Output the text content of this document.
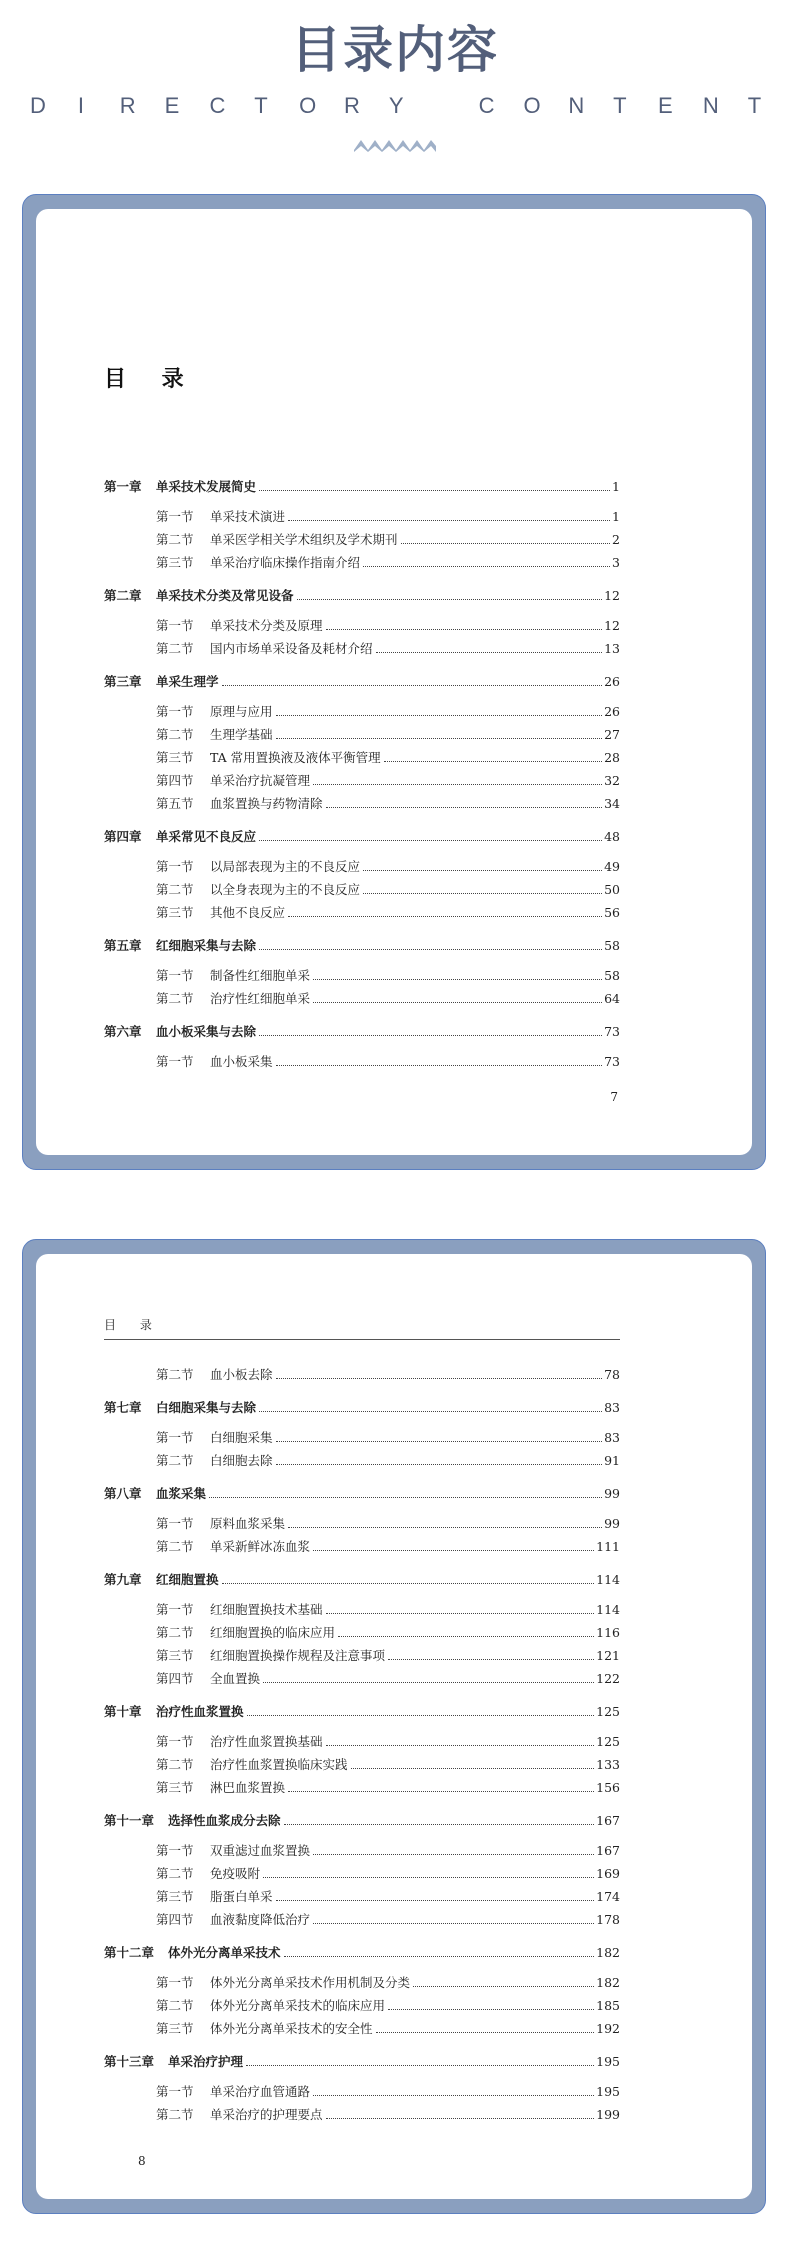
目录内容
D I R E C T O R Y
	C O N T E N T
目 录
第一章	单采技术发展简史	1
第一节	单采技术演进	1
第二节	单采医学相关学术组织及学术期刊	2
第三节	单采治疗临床操作指南介绍	3
第二章	单采技术分类及常见设备	12
第一节	单采技术分类及原理	12
第二节	国内市场单采设备及耗材介绍	13
第三章	单采生理学	26
第一节	原理与应用	26
第二节	生理学基础	27
第三节	TA 常用置换液及液体平衡管理	28
第四节	单采治疗抗凝管理	32
第五节	血浆置换与药物清除	34
第四章	单采常见不良反应	48
第一节	以局部表现为主的不良反应	49
第二节	以全身表现为主的不良反应	50
第三节	其他不良反应	56
第五章	红细胞采集与去除	58
第一节	制备性红细胞单采	58
第二节	治疗性红细胞单采	64
第六章	血小板采集与去除	73
第一节	血小板采集	73
7
目 录
第二节	血小板去除	78
第七章	白细胞采集与去除	83
第一节	白细胞采集	83
第二节	白细胞去除	91
第八章	血浆采集	99
第一节	原料血浆采集	99
第二节	单采新鲜冰冻血浆	111
第九章	红细胞置换	114
第一节	红细胞置换技术基础	114
第二节	红细胞置换的临床应用	116
第三节	红细胞置换操作规程及注意事项	121
第四节	全血置换	122
第十章	治疗性血浆置换	125
第一节	治疗性血浆置换基础	125
第二节	治疗性血浆置换临床实践	133
第三节	淋巴血浆置换	156
第十一章	选择性血浆成分去除	167
第一节	双重滤过血浆置换	167
第二节	免疫吸附	169
第三节	脂蛋白单采	174
第四节	血液黏度降低治疗	178
第十二章	体外光分离单采技术	182
第一节	体外光分离单采技术作用机制及分类	182
第二节	体外光分离单采技术的临床应用	185
第三节	体外光分离单采技术的安全性	192
第十三章	单采治疗护理	195
第一节	单采治疗血管通路	195
第二节	单采治疗的护理要点	199
8
